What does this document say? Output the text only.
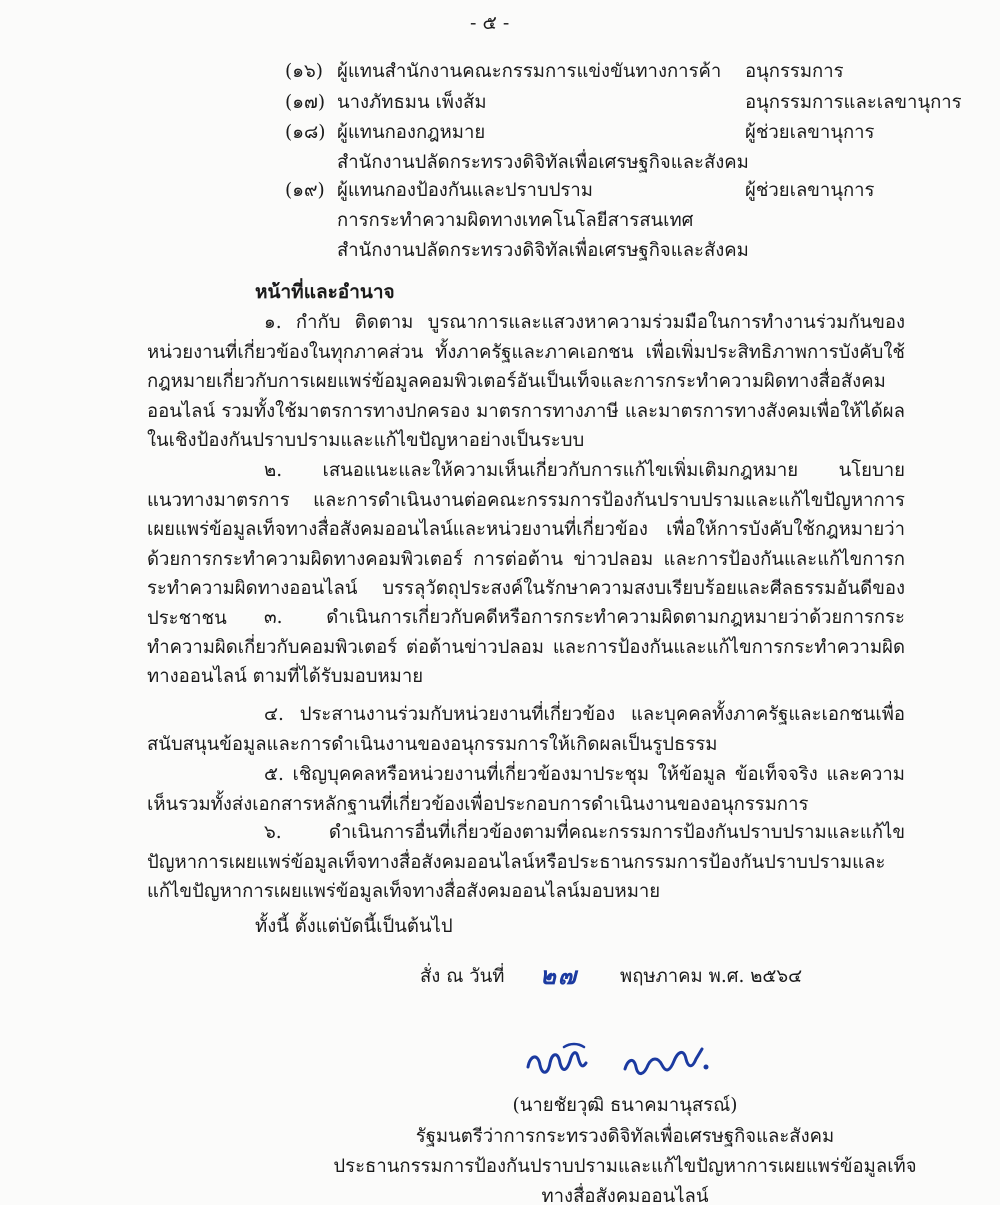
- ๕ -
(๑๖) ผู้แทนสำนักงานคณะกรรมการแข่งขันทางการค้า อนุกรรมการ
(๑๗) นางภัทธมน เพ็งส้ม	อนุกรรมการและเลขานุการ
(๑๘) ผู้แทนกองกฎหมาย
สำนักงานปลัดกระทรวงดิจิทัลเพื่อเศรษฐกิจและสังคม
ผู้ช่วยเลขานุการ
(๑๙) ผู้แทนกองป้องกันและปราบปราม
การกระทำความผิดทางเทคโนโลยีสารสนเทศ
สำนักงานปลัดกระทรวงดิจิทัลเพื่อเศรษฐกิจและสังคม
ผู้ช่วยเลขานุการ
หน้าที่และอำนาจ
๑. กำกับ ติดตาม บูรณาการและแสวงหาความร่วมมือในการทำงานร่วมกันของหน่วยงานที่เกี่ยวข้องในทุกภาคส่วน ทั้งภาครัฐและภาคเอกชน เพื่อเพิ่มประสิทธิภาพการบังคับใช้กฎหมายเกี่ยวกับการเผยแพร่ข้อมูลคอมพิวเตอร์อันเป็นเท็จและการกระทำความผิดทางสื่อสังคมออนไลน์ รวมทั้งใช้มาตรการทางปกครอง มาตรการทางภาษี และมาตรการทางสังคมเพื่อให้ได้ผลในเชิงป้องกันปราบปรามและแก้ไขปัญหาอย่างเป็นระบบ
๒. เสนอแนะและให้ความเห็นเกี่ยวกับการแก้ไขเพิ่มเติมกฎหมาย นโยบาย แนวทางมาตรการ และการดำเนินงานต่อคณะกรรมการป้องกันปราบปรามและแก้ไขปัญหาการเผยแพร่ข้อมูลเท็จทางสื่อสังคมออนไลน์และหน่วยงานที่เกี่ยวข้อง เพื่อให้การบังคับใช้กฎหมายว่าด้วยการกระทำความผิดทางคอมพิวเตอร์ การต่อต้าน ข่าวปลอม และการป้องกันและแก้ไขการกระทำความผิดทางออนไลน์ บรรลุวัตถุประสงค์ในรักษาความสงบเรียบร้อยและศีลธรรมอันดีของประชาชน	๓. ดำเนินการเกี่ยวกับคดีหรือการกระทำความผิดตามกฎหมายว่าด้วยการกระทำความผิดเกี่ยวกับคอมพิวเตอร์ ต่อต้านข่าวปลอม และการป้องกันและแก้ไขการกระทำความผิดทางออนไลน์ ตามที่ได้รับมอบหมาย
๔. ประสานงานร่วมกับหน่วยงานที่เกี่ยวข้อง และบุคคลทั้งภาครัฐและเอกชนเพื่อสนับสนุนข้อมูลและการดำเนินงานของอนุกรรมการให้เกิดผลเป็นรูปธรรม
๕. เชิญบุคคลหรือหน่วยงานที่เกี่ยวข้องมาประชุม ให้ข้อมูล ข้อเท็จจริง และความเห็นรวมทั้งส่งเอกสารหลักฐานที่เกี่ยวข้องเพื่อประกอบการดำเนินงานของอนุกรรมการ
๖. ดำเนินการอื่นที่เกี่ยวข้องตามที่คณะกรรมการป้องกันปราบปรามและแก้ไขปัญหาการเผยแพร่ข้อมูลเท็จทางสื่อสังคมออนไลน์หรือประธานกรรมการป้องกันปราบปรามและแก้ไขปัญหาการเผยแพร่ข้อมูลเท็จทางสื่อสังคมออนไลน์มอบหมาย
ทั้งนี้ ตั้งแต่บัดนี้เป็นต้นไป
สั่ง ณ วันที่ ๒๗ พฤษภาคม พ.ศ. ๒๕๖๔
(นายชัยวุฒิ ธนาคมานุสรณ์)
รัฐมนตรีว่าการกระทรวงดิจิทัลเพื่อเศรษฐกิจและสังคม
ประธานกรรมการป้องกันปราบปรามและแก้ไขปัญหาการเผยแพร่ข้อมูลเท็จ
ทางสื่อสังคมออนไลน์
